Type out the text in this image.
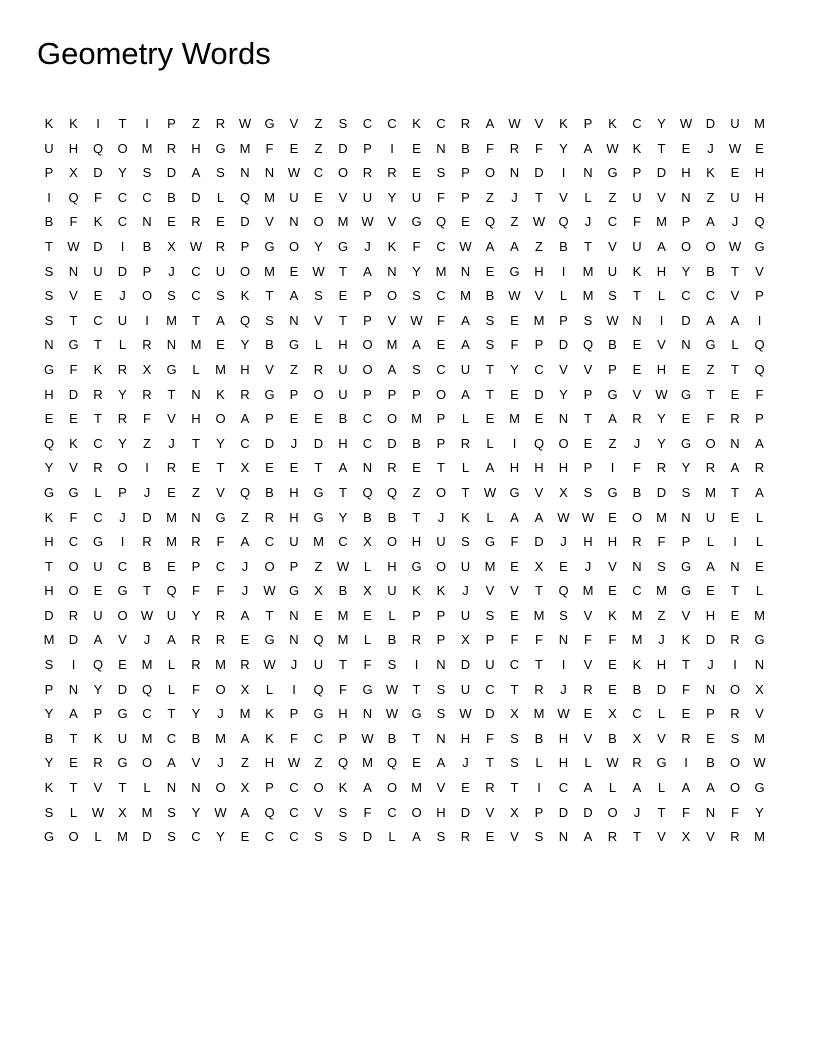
Geometry Words
K	K	I	T	I	P	Z	R	W G	V	Z	S	C	C	K	C	R	A	W	V	K	P	K	C	Y	W	D	U	M
U	H	Q	O	M	R	H	G	M	F	E	Z	D	P	I	E	N	B	F	R	F	Y	A	W	K	T	E	J	W	E
P	X	D	Y	S	D	A	S	N	N	W	C	O	R	R	E	S	P	O	N	D	I	N	G	P	D	H	K	E	H
I	Q	F	C	C	B	D	L	Q	M	U	E	V	U	Y	U	F	P	Z	J	T	V	L	Z	U	V	N	Z	U	H
B	F	K	C	N	E	R	E	D	V	N	O	M W	V	G	Q	E	Q	Z	W Q	J	C	F	M	P	A	J	Q
T	W	D	I	B	X	W	R	P	G	O	Y	G	J	K	F	C	W	A	A	Z	B	T	V	U	A	O	O W G
S	N	U	D	P	J	C	U	O	M	E	W	T	A	N	Y	M	N	E	G	H	I	M	U	K	H	Y	B	T	V
S	V	E	J	O	S	C	S	K	T	A	S	E	P	O	S	C	M	B	W	V	L	M	S	T	L	C	C	V	P
S	T	C	U	I	M	T	A	Q	S	N	V	T	P	V	W	F	A	S	E	M	P	S	W	N	I	D	A	A	I
N	G	T	L	R	N	M	E	Y	B	G	L	H	O	M	A	E	A	S	F	P	D	Q	B	E	V	N	G	L	Q
G	F	K	R	X	G	L	M	H	V	Z	R	U	O	A	S	C	U	T	Y	C	V	V	P	E	H	E	Z	T	Q
H	D	R	Y	R	T	N	K	R	G	P	O	U	P	P	P	O	A	T	E	D	Y	P	G	V	W G	T	E	F
E	E	T	R	F	V	H	O	A	P	E	E	B	C	O	M	P	L	E	M	E	N	T	A	R	Y	E	F	R	P
Q	K	C	Y	Z	J	T	Y	C	D	J	D	H	C	D	B	P	R	L	I	Q	O	E	Z	J	Y	G	O	N	A
Y	V	R	O	I	R	E	T	X	E	E	T	A	N	R	E	T	L	A	H	H	H	P	I	F	R	Y	R	A	R
G	G	L	P	J	E	Z	V	Q	B	H	G	T	Q	Q	Z	O	T	W G	V	X	S	G	B	D	S	M	T	A
K	F	C	J	D	M	N	G	Z	R	H	G	Y	B	B	T	J	K	L	A	A	W W	E	O	M	N	U	E	L
H	C	G	I	R	M	R	F	A	C	U	M	C	X	O	H	U	S	G	F	D	J	H	H	R	F	P	L	I	L
T	O	U	C	B	E	P	C	J	O	P	Z	W	L	H	G	O	U	M	E	X	E	J	V	N	S	G	A	N	E
H	O	E	G	T	Q	F	F	J	W G	X	B	X	U	K	K	J	V	V	T	Q	M	E	C	M	G	E	T	L
D	R	U	O W	U	Y	R	A	T	N	E	M	E	L	P	P	U	S	E	M	S	V	K	M	Z	V	H	E	M
M	D	A	V	J	A	R	R	E	G	N	Q	M	L	B	R	P	X	P	F	F	N	F	F	M	J	K	D	R	G
S	I	Q	E	M	L	R	M	R	W	J	U	T	F	S	I	N	D	U	C	T	I	V	E	K	H	T	J	I	N
P	N	Y	D	Q	L	F	O	X	L	I	Q	F	G W	T	S	U	C	T	R	J	R	E	B	D	F	N	O	X
Y	A	P	G	C	T	Y	J	M	K	P	G	H	N	W G	S	W	D	X	M W	E	X	C	L	E	P	R	V
B	T	K	U	M	C	B	M	A	K	F	C	P	W	B	T	N	H	F	S	B	H	V	B	X	V	R	E	S	M
Y	E	R	G	O	A	V	J	Z	H	W	Z	Q	M	Q	E	A	J	T	S	L	H	L	W	R	G	I	B	O W
K	T	V	T	L	N	N	O	X	P	C	O	K	A	O	M	V	E	R	T	I	C	A	L	A	L	A	A	O	G
S	L	W	X	M	S	Y	W	A	Q	C	V	S	F	C	O	H	D	V	X	P	D	D	O	J	T	F	N	F	Y
G	O	L	M	D	S	C	Y	E	C	C	S	S	D	L	A	S	R	E	V	S	N	A	R	T	V	X	V	R	M
